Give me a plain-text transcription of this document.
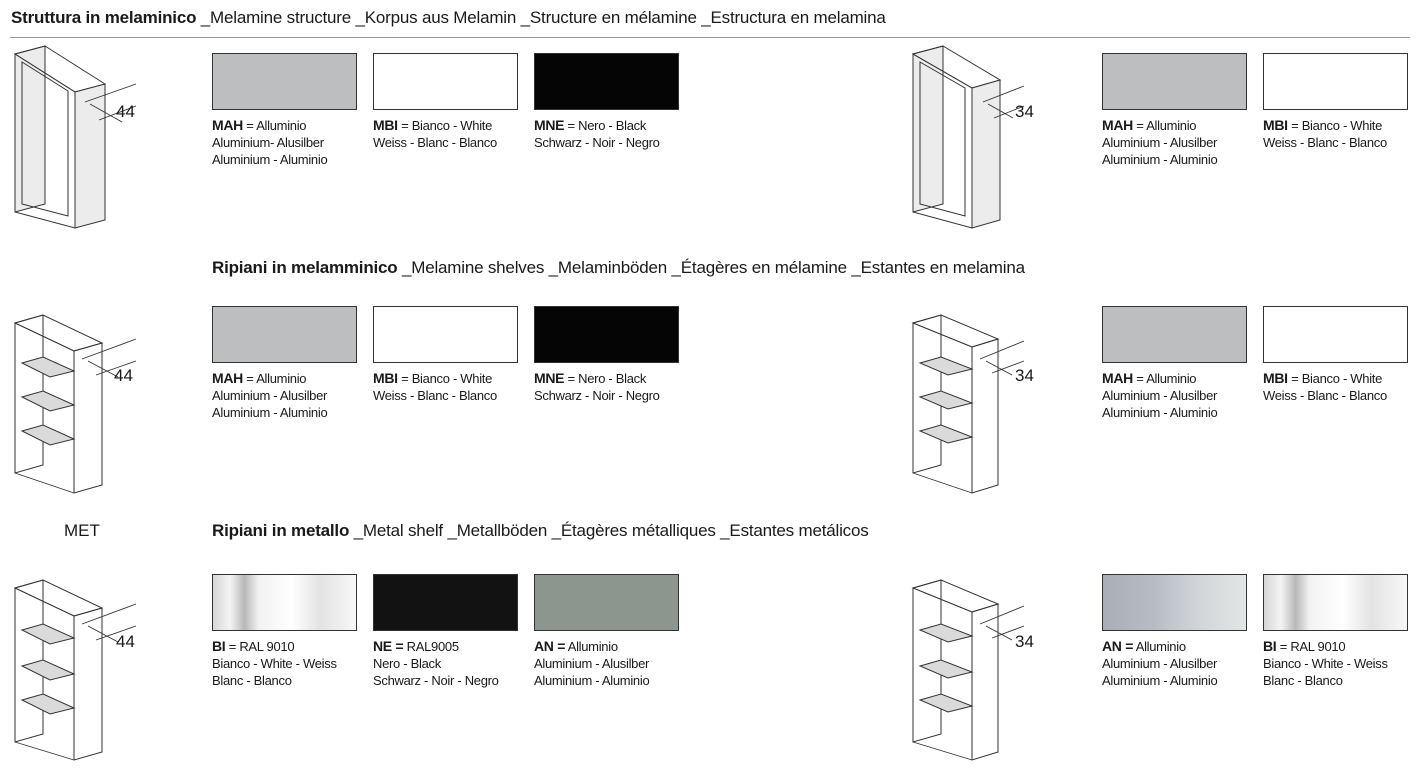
Struttura in melaminico _Melamine structure _Korpus aus Melamin _Structure en mélamine _Estructura en melamina
Ripiani in melamminico _Melamine shelves _Melaminböden _Étagères en mélamine _Estantes en melamina
MET	Ripiani in metallo _Metal shelf _Metallböden _Étagères métalliques _Estantes metálicos
44	34
44	34
44	34
MAH = Alluminio
Aluminium- Alusilber
Aluminium - Aluminio
MBI = Bianco - White
Weiss - Blanc - Blanco
MNE = Nero - Black
Schwarz - Noir - Negro
MAH = Alluminio
Aluminium - Alusilber
Aluminium - Aluminio
MBI = Bianco - White
Weiss - Blanc - Blanco
MAH = Alluminio
Aluminium - Alusilber
Aluminium - Aluminio
MBI = Bianco - White
Weiss - Blanc - Blanco
MNE = Nero - Black
Schwarz - Noir - Negro
MAH = Alluminio
Aluminium - Alusilber
Aluminium - Aluminio
MBI = Bianco - White
Weiss - Blanc - Blanco
BI = RAL 9010
Bianco - White - Weiss
Blanc - Blanco
NE = RAL9005
Nero - Black
Schwarz - Noir - Negro
AN = Alluminio
Aluminium - Alusilber
Aluminium - Aluminio
AN = Alluminio
Aluminium - Alusilber
Aluminium - Aluminio
BI = RAL 9010
Bianco - White - Weiss
Blanc - Blanco
